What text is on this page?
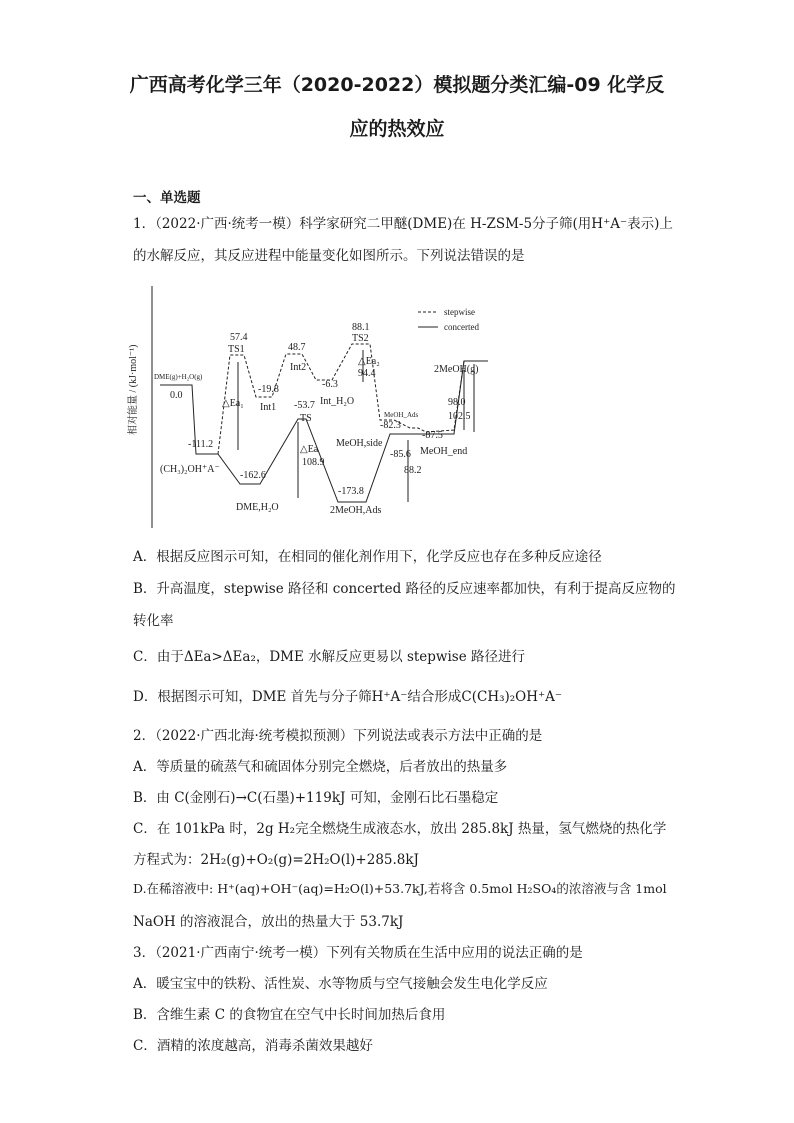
广西高考化学三年（2020-2022）模拟题分类汇编-09 化学反
应的热效应
一、单选题
1．（2022·广西·统考一模）科学家研究二甲醚(DME)在 H-ZSM-5分子筛(用H⁺A⁻表示)上
的水解反应，其反应进程中能量变化如图所示。下列说法错误的是
相对能量 / (kJ·mol⁻¹)
stepwise
concerted
DME(g)+H₂O(g)
0.0
-111.2
(CH₃)₂OH⁺A⁻
57.4
TS1
△Ea₁
-19.8
Int1
48.7
Int2
-6.3
Int_H₂O
88.1
TS2
△Ea₂
94.4
-53.7
TS
△Ea
108.9
-162.6
DME,H₂O
MeOH_Ads
-82.3
MeOH,side
-85.6
-87.5
MeOH_end
2MeOH(g)
98.0
102.5
88.2
-173.8
2MeOH,Ads
A．根据反应图示可知，在相同的催化剂作用下，化学反应也存在多种反应途径
B．升高温度，stepwise 路径和 concerted 路径的反应速率都加快，有利于提高反应物的
转化率
C．由于ΔEa>ΔEa₂，DME 水解反应更易以 stepwise 路径进行
D．根据图示可知，DME 首先与分子筛H⁺A⁻结合形成C(CH₃)₂OH⁺A⁻
2．（2022·广西北海·统考模拟预测）下列说法或表示方法中正确的是
A．等质量的硫蒸气和硫固体分别完全燃烧，后者放出的热量多
B．由 C(金刚石)→C(石墨)+119kJ 可知，金刚石比石墨稳定
C．在 101kPa 时，2g H₂完全燃烧生成液态水，放出 285.8kJ 热量，氢气燃烧的热化学
方程式为：2H₂(g)+O₂(g)=2H₂O(l)+285.8kJ
D.在稀溶液中: H⁺(aq)+OH⁻(aq)=H₂O(l)+53.7kJ,若将含 0.5mol H₂SO₄的浓溶液与含 1mol
NaOH 的溶液混合，放出的热量大于 53.7kJ
3．（2021·广西南宁·统考一模）下列有关物质在生活中应用的说法正确的是
A．暖宝宝中的铁粉、活性炭、水等物质与空气接触会发生电化学反应
B．含维生素 C 的食物宜在空气中长时间加热后食用
C．酒精的浓度越高，消毒杀菌效果越好
